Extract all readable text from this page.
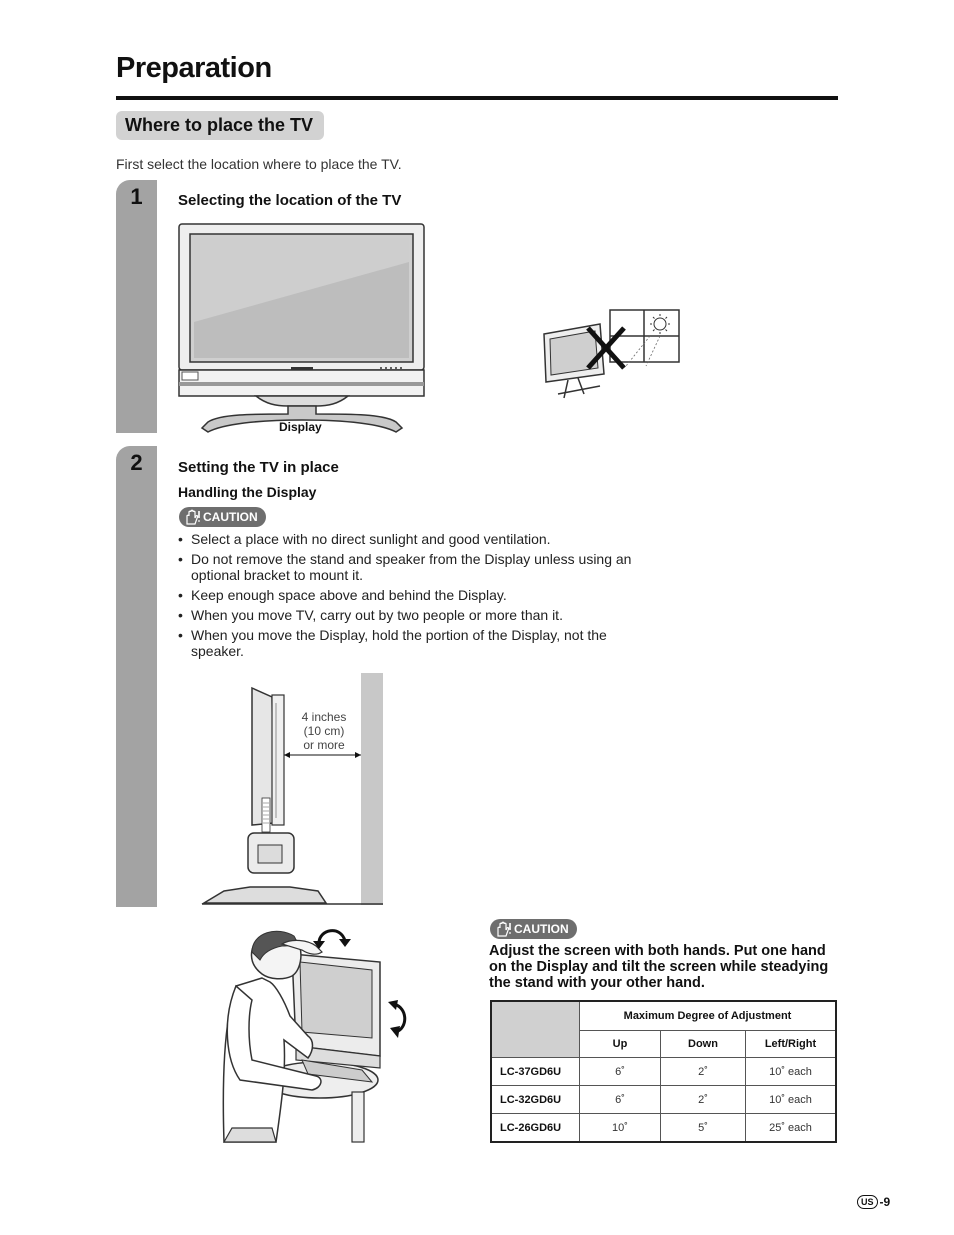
Preparation
Where to place the TV
First select the location where to place the TV.
1	Selecting the location of the TV
Display
2	Setting the TV in place
Handling the Display
CAUTION
• Select a place with no direct sunlight and good ventilation.
• Do not remove the stand and speaker from the Display unless using an optional bracket to mount it.
• Keep enough space above and behind the Display.
• When you move TV, carry out by two people or more than it.
• When you move the Display, hold the portion of the Display, not the speaker.
4 inches
(10 cm)
or more
CAUTION
Adjust the screen with both hands. Put one hand on the Display and tilt the screen while steadying the stand with your other hand.
	Maximum Degree of Adjustment		
	Up	Down	Left/Right
LC-37GD6U	6˚	2˚	10˚ each
LC-32GD6U	6˚	2˚	10˚ each
LC-26GD6U	10˚	5˚	25˚ each
US -9
